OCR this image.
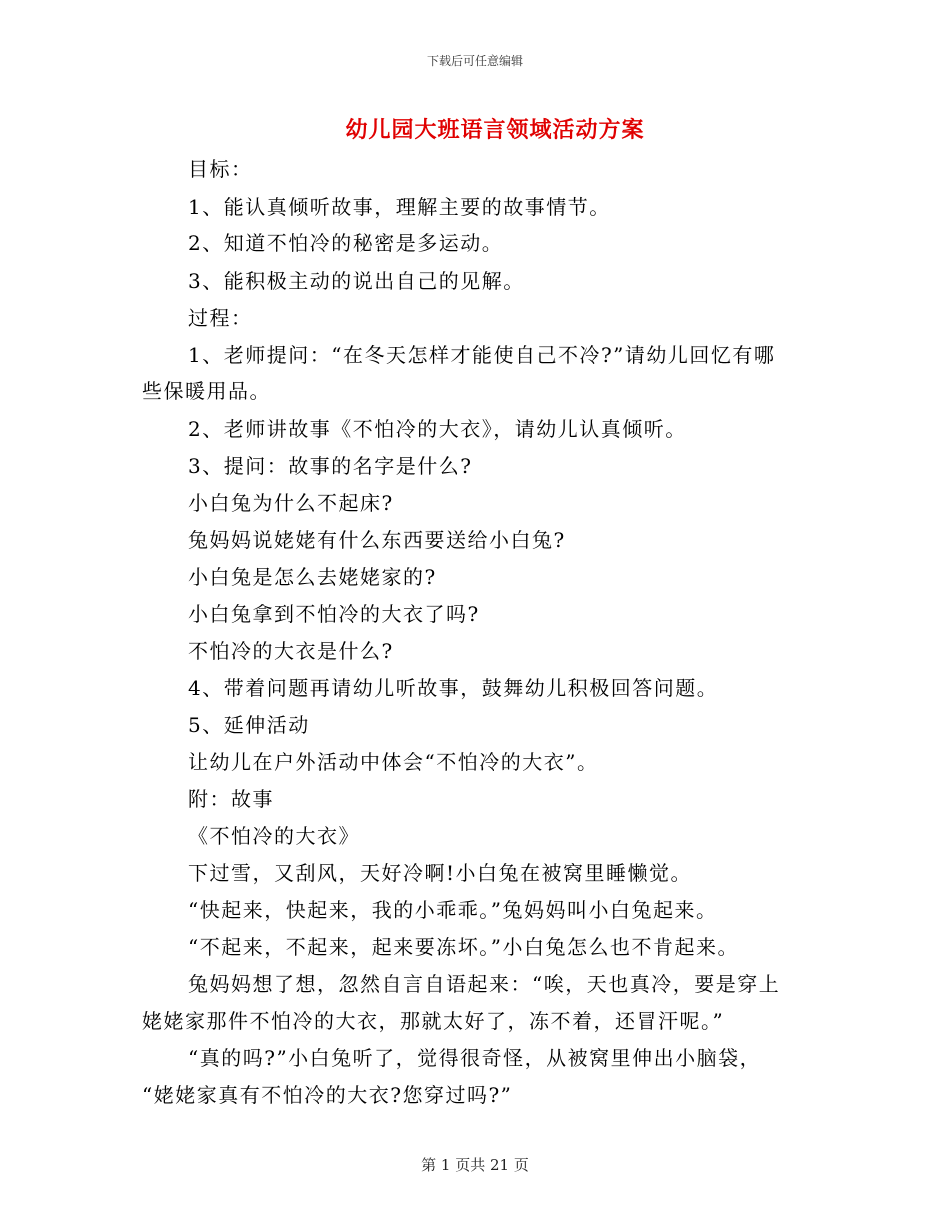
下载后可任意编辑
幼儿园大班语言领域活动方案
目标：
1、能认真倾听故事，理解主要的故事情节。
2、知道不怕冷的秘密是多运动。
3、能积极主动的说出自己的见解。
过程：
1、老师提问：“在冬天怎样才能使自己不冷?”请幼儿回忆有哪
些保暖用品。
2、老师讲故事《不怕冷的大衣》，请幼儿认真倾听。
3、提问：故事的名字是什么?
小白兔为什么不起床?
兔妈妈说姥姥有什么东西要送给小白兔?
小白兔是怎么去姥姥家的?
小白兔拿到不怕冷的大衣了吗?
不怕冷的大衣是什么?
4、带着问题再请幼儿听故事，鼓舞幼儿积极回答问题。
5、延伸活动
让幼儿在户外活动中体会“不怕冷的大衣”。
附：故事
《不怕冷的大衣》
下过雪，又刮风，天好冷啊!小白兔在被窝里睡懒觉。
“快起来，快起来，我的小乖乖。”兔妈妈叫小白兔起来。
“不起来，不起来，起来要冻坏。”小白兔怎么也不肯起来。
兔妈妈想了想，忽然自言自语起来：“唉，天也真冷，要是穿上
姥姥家那件不怕冷的大衣，那就太好了，冻不着，还冒汗呢。”
“真的吗?”小白兔听了，觉得很奇怪，从被窝里伸出小脑袋，
“姥姥家真有不怕冷的大衣?您穿过吗?”
第 1 页共 21 页
